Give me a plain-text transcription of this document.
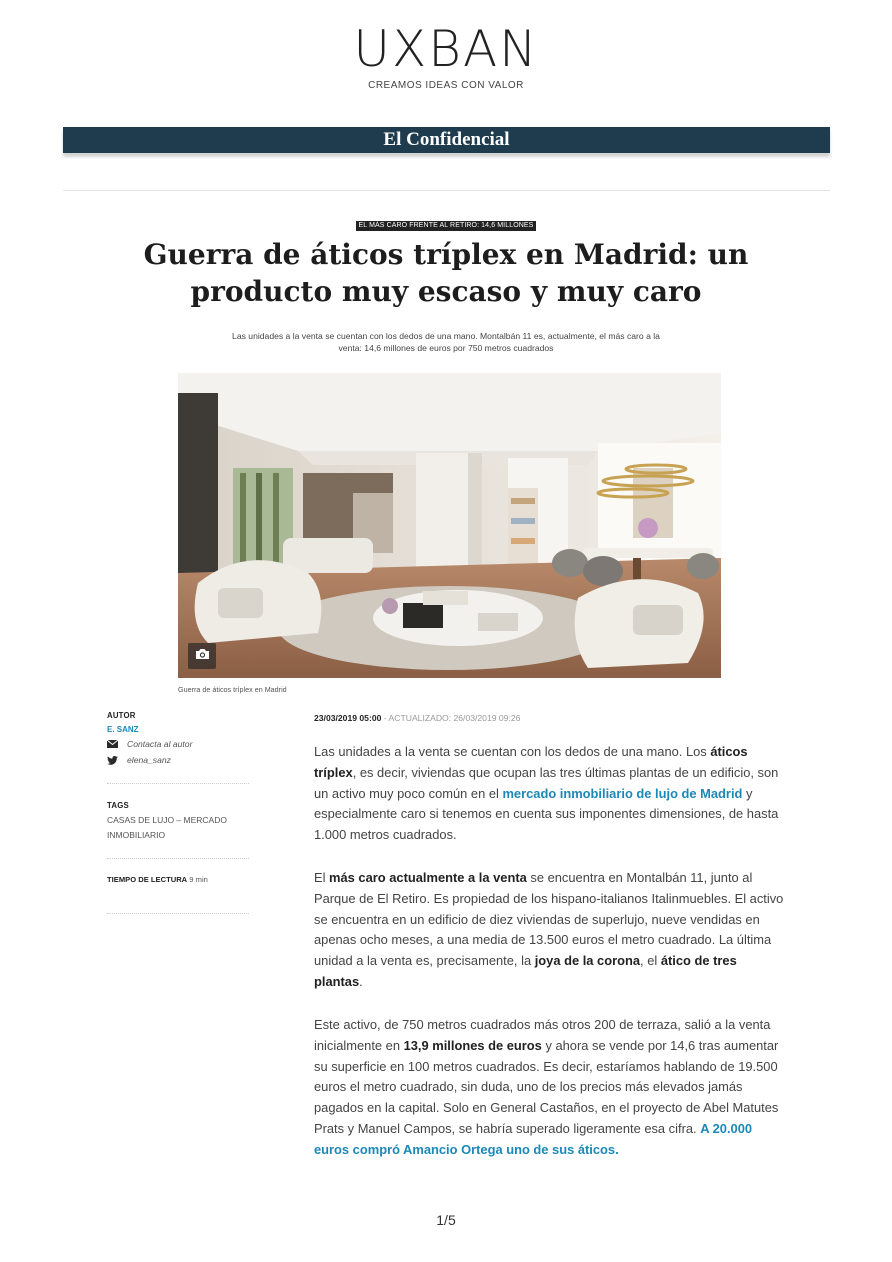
UXBAN
CREAMOS IDEAS CON VALOR
El Confidencial
EL MÁS CARO FRENTE AL RETIRO: 14,6 MILLONES
Guerra de áticos tríplex en Madrid: un producto muy escaso y muy caro
Las unidades a la venta se cuentan con los dedos de una mano. Montalbán 11 es, actualmente, el más caro a la venta: 14,6 millones de euros por 750 metros cuadrados
Guerra de áticos tríplex en Madrid
AUTOR
E. SANZ
Contacta al autor
elena_sanz
TAGS
CASAS DE LUJO – MERCADO INMOBILIARIO
TIEMPO DE LECTURA 9 min
23/03/2019 05:00 - ACTUALIZADO: 26/03/2019 09:26
Las unidades a la venta se cuentan con los dedos de una mano. Los áticos tríplex, es decir, viviendas que ocupan las tres últimas plantas de un edificio, son un activo muy poco común en el mercado inmobiliario de lujo de Madrid y especialmente caro si tenemos en cuenta sus imponentes dimensiones, de hasta 1.000 metros cuadrados.
El más caro actualmente a la venta se encuentra en Montalbán 11, junto al Parque de El Retiro. Es propiedad de los hispano-italianos Italinmuebles. El activo se encuentra en un edificio de diez viviendas de superlujo, nueve vendidas en apenas ocho meses, a una media de 13.500 euros el metro cuadrado. La última unidad a la venta es, precisamente, la joya de la corona, el ático de tres plantas.
Este activo, de 750 metros cuadrados más otros 200 de terraza, salió a la venta inicialmente en 13,9 millones de euros y ahora se vende por 14,6 tras aumentar su superficie en 100 metros cuadrados. Es decir, estaríamos hablando de 19.500 euros el metro cuadrado, sin duda, uno de los precios más elevados jamás pagados en la capital. Solo en General Castaños, en el proyecto de Abel Matutes Prats y Manuel Campos, se habría superado ligeramente esa cifra. A 20.000 euros compró Amancio Ortega uno de sus áticos.
1/5
